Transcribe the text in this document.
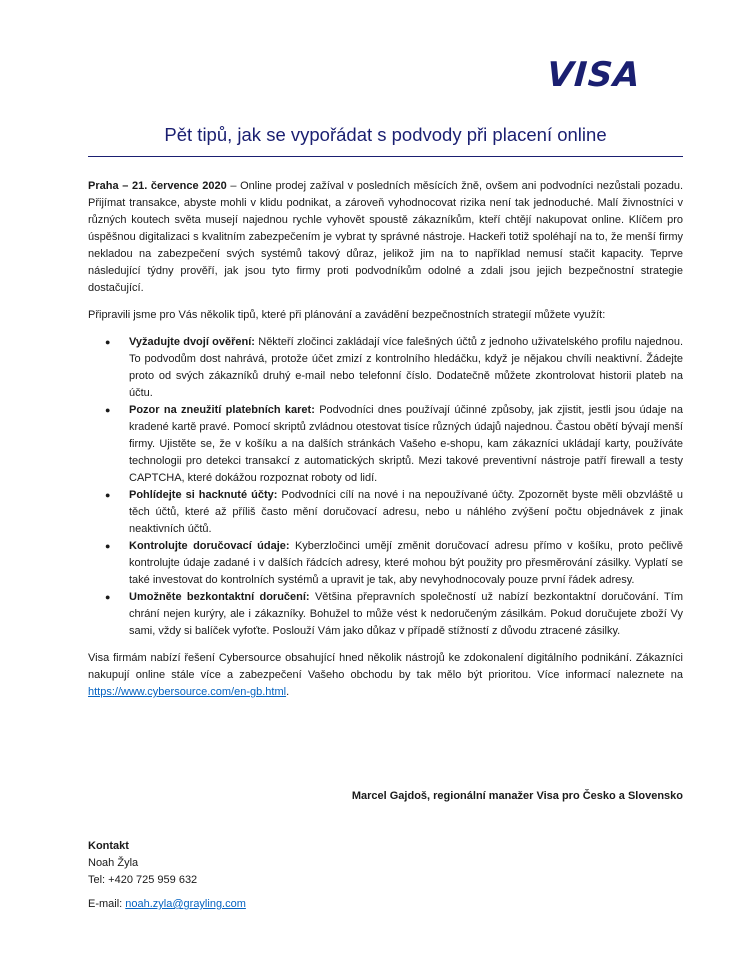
VISA
Pět tipů, jak se vypořádat s podvody při placení online

Praha – 21. července 2020 – Online prodej zažíval v posledních měsících žně, ovšem ani podvodníci nezůstali pozadu. Přijímat transakce, abyste mohli v klidu podnikat, a zároveň vyhodnocovat rizika není tak jednoduché. Malí živnostníci v různých koutech světa musejí najednou rychle vyhovět spoustě zákazníkům, kteří chtějí nakupovat online. Klíčem pro úspěšnou digitalizaci s kvalitním zabezpečením je vybrat ty správné nástroje. Hackeři totiž spoléhají na to, že menší firmy nekladou na zabezpečení svých systémů takový důraz, jelikož jim na to například nemusí stačit kapacity. Teprve následující týdny prověří, jak jsou tyto firmy proti podvodníkům odolné a zdali jsou jejich bezpečnostní strategie dostačující.

Připravili jsme pro Vás několik tipů, které při plánování a zavádění bezpečnostních strategií můžete využít:

● Vyžadujte dvojí ověření: Někteří zločinci zakládají více falešných účtů z jednoho uživatelského profilu najednou. To podvodům dost nahrává, protože účet zmizí z kontrolního hledáčku, když je nějakou chvíli neaktivní. Žádejte proto od svých zákazníků druhý e-mail nebo telefonní číslo. Dodatečně můžete zkontrolovat historii plateb na účtu.
● Pozor na zneužití platebních karet: Podvodníci dnes používají účinné způsoby, jak zjistit, jestli jsou údaje na kradené kartě pravé. Pomocí skriptů zvládnou otestovat tisíce různých údajů najednou. Častou obětí bývají menší firmy. Ujistěte se, že v košíku a na dalších stránkách Vašeho e-shopu, kam zákazníci ukládají karty, používáte technologii pro detekci transakcí z automatických skriptů. Mezi takové preventivní nástroje patří firewall a testy CAPTCHA, které dokážou rozpoznat roboty od lidí.
● Pohlídejte si hacknuté účty: Podvodníci cílí na nové i na nepoužívané účty. Zpozornět byste měli obzvláště u těch účtů, které až příliš často mění doručovací adresu, nebo u náhlého zvýšení počtu objednávek z jinak neaktivních účtů.
● Kontrolujte doručovací údaje: Kyberzločinci umějí změnit doručovací adresu přímo v košíku, proto pečlivě kontrolujte údaje zadané i v dalších řádcích adresy, které mohou být použity pro přesměrování zásilky. Vyplatí se také investovat do kontrolních systémů a upravit je tak, aby nevyhodnocovaly pouze první řádek adresy.
● Umožněte bezkontaktní doručení: Většina přepravních společností už nabízí bezkontaktní doručování. Tím chrání nejen kurýry, ale i zákazníky. Bohužel to může vést k nedoručeným zásilkám. Pokud doručujete zboží Vy sami, vždy si balíček vyfoťte. Poslouží Vám jako důkaz v případě stížností z důvodu ztracené zásilky.

Visa firmám nabízí řešení Cybersource obsahující hned několik nástrojů ke zdokonalení digitálního podnikání. Zákazníci nakupují online stále více a zabezpečení Vašeho obchodu by tak mělo být prioritou. Více informací naleznete na https://www.cybersource.com/en-gb.html.

Marcel Gajdoš, regionální manažer Visa pro Česko a Slovensko
Kontakt
Noah Žyla
Tel: +420 725 959 632
E-mail: noah.zyla@grayling.com
